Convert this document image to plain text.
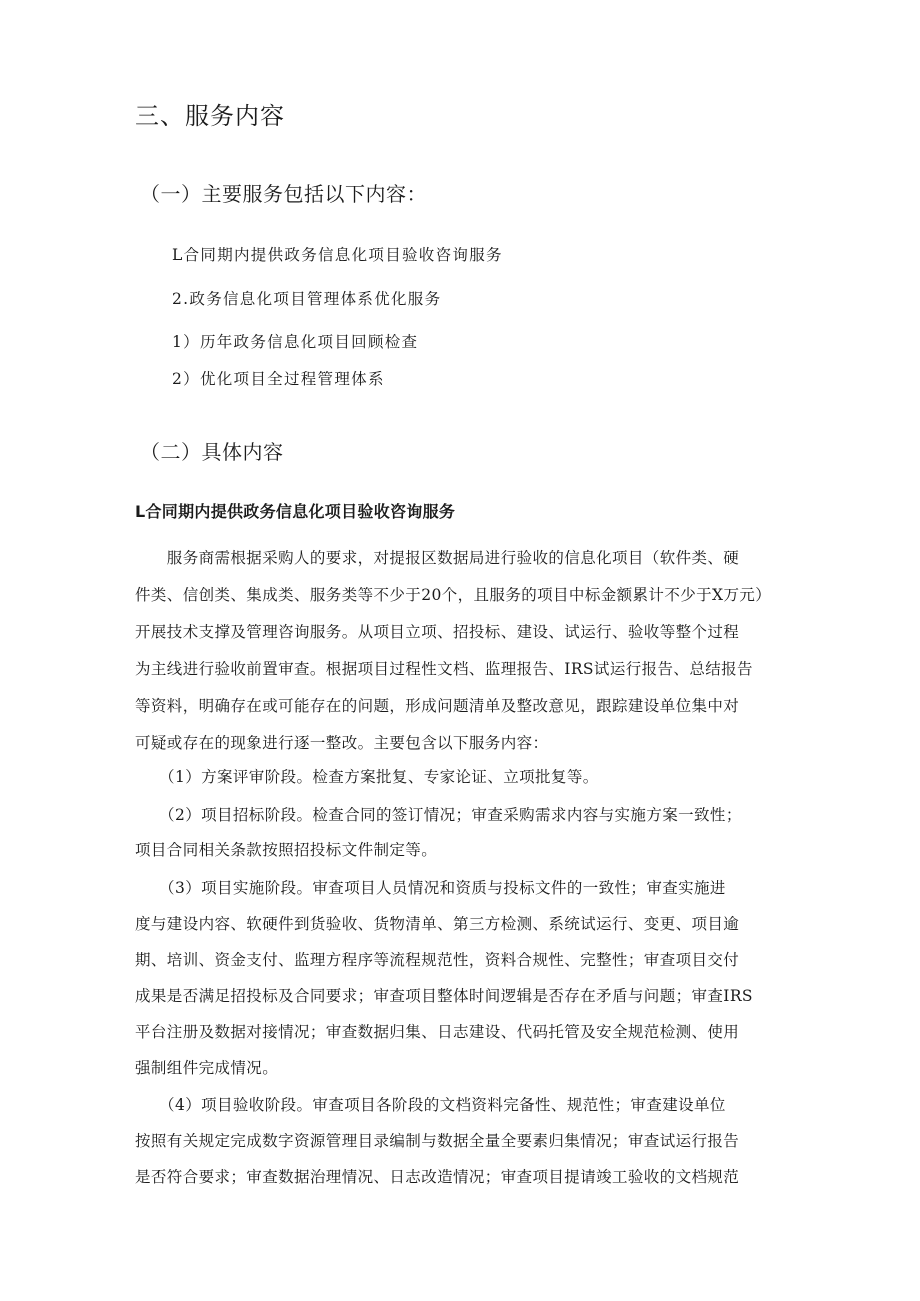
三、服务内容
（一）主要服务包括以下内容：
L合同期内提供政务信息化项目验收咨询服务
2.政务信息化项目管理体系优化服务
1）历年政务信息化项目回顾检查
2）优化项目全过程管理体系
（二）具体内容
L合同期内提供政务信息化项目验收咨询服务
　　服务商需根据采购人的要求，对提报区数据局进行验收的信息化项目（软件类、硬
件类、信创类、集成类、服务类等不少于20个，且服务的项目中标金额累计不少于X万元）
开展技术支撑及管理咨询服务。从项目立项、招投标、建设、试运行、验收等整个过程
为主线进行验收前置审查。根据项目过程性文档、监理报告、IRS试运行报告、总结报告
等资料，明确存在或可能存在的问题，形成问题清单及整改意见，跟踪建设单位集中对
可疑或存在的现象进行逐一整改。主要包含以下服务内容：
　　（1）方案评审阶段。检查方案批复、专家论证、立项批复等。
　　（2）项目招标阶段。检查合同的签订情况；审查采购需求内容与实施方案一致性；
项目合同相关条款按照招投标文件制定等。
　　（3）项目实施阶段。审查项目人员情况和资质与投标文件的一致性；审查实施进
度与建设内容、软硬件到货验收、货物清单、第三方检测、系统试运行、变更、项目逾
期、培训、资金支付、监理方程序等流程规范性，资料合规性、完整性；审查项目交付
成果是否满足招投标及合同要求；审查项目整体时间逻辑是否存在矛盾与问题；审查IRS
平台注册及数据对接情况；审查数据归集、日志建设、代码托管及安全规范检测、使用
强制组件完成情况。
　　（4）项目验收阶段。审查项目各阶段的文档资料完备性、规范性；审查建设单位
按照有关规定完成数字资源管理目录编制与数据全量全要素归集情况；审查试运行报告
是否符合要求；审查数据治理情况、日志改造情况；审查项目提请竣工验收的文档规范
